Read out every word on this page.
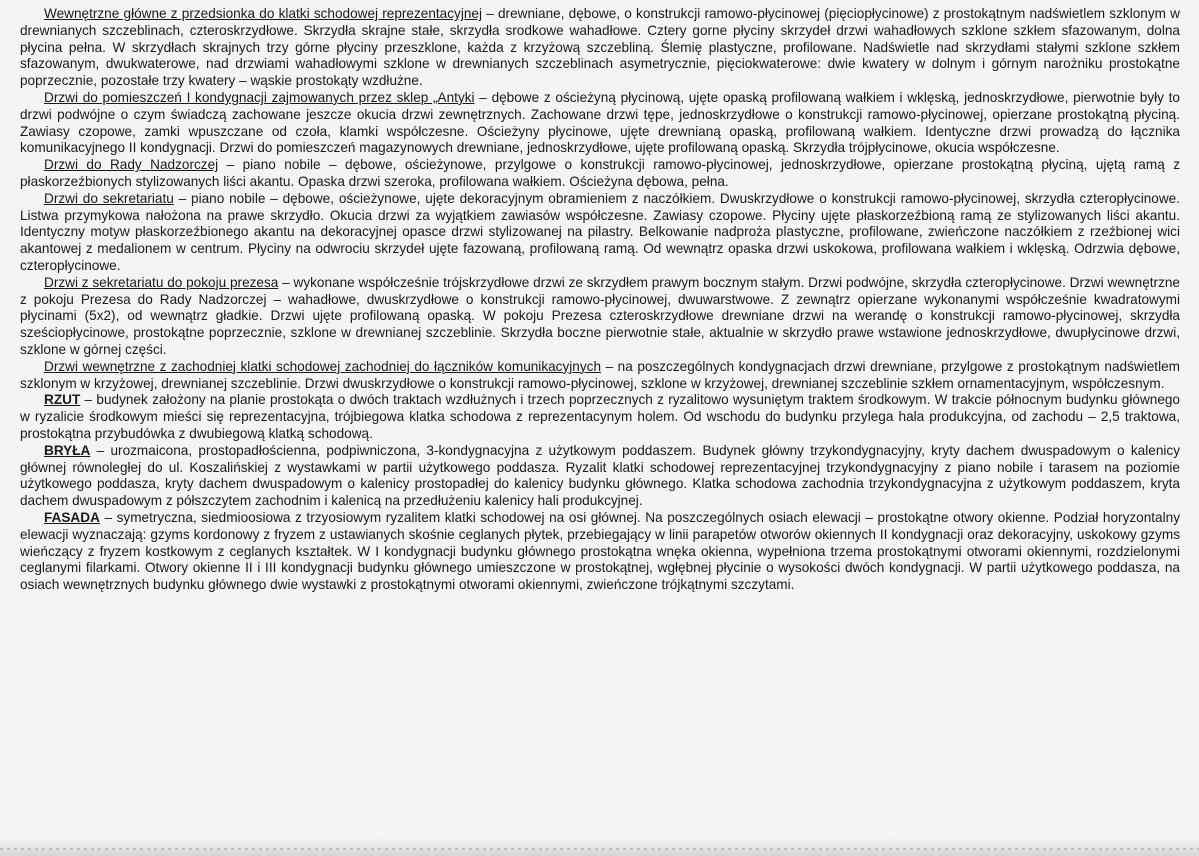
Wewnętrzne główne z przedsionka do klatki schodowej reprezentacyjnej – drewniane, dębowe, o konstrukcji ramowo-płycinowej (pięciopłycinowe) z prostokątnym nadświetlem szklonym w drewnianych szczeblinach, czteroskrzydłowe. Skrzydła skrajne stałe, skrzydła srodkowe wahadłowe. Cztery gorne płyciny skrzydeł drzwi wahadłowych szklone szkłem sfazowanym, dolna płycina pełna. W skrzydłach skrajnych trzy górne płyciny przeszklone, każda z krzyżową szczebliną. Ślemię plastyczne, profilowane. Nadświetle nad skrzydłami stałymi szklone szkłem sfazowanym, dwukwaterowe, nad drzwiami wahadłowymi szklone w drewnianych szczeblinach asymetrycznie, pięciokwaterowe: dwie kwatery w dolnym i górnym narożniku prostokątne poprzecznie, pozostałe trzy kwatery – wąskie prostokąty wzdłużne.

Drzwi do pomieszczeń I kondygnacji zajmowanych przez sklep „Antyki – dębowe z ościeżyną płycinową, ujęte opaską profilowaną wałkiem i wklęską, jednoskrzydłowe, pierwotnie były to drzwi podwójne o czym świadczą zachowane jeszcze okucia drzwi zewnętrznych. Zachowane drzwi tępe, jednoskrzydłowe o konstrukcji ramowo-płycinowej, opierzane prostokątną płyciną. Zawiasy czopowe, zamki wpuszczane od czoła, klamki współczesne. Ościeżyny płycinowe, ujęte drewnianą opaską, profilowaną wałkiem. Identyczne drzwi prowadzą do łącznika komunikacyjnego II kondygnacji. Drzwi do pomieszczeń magazynowych drewniane, jednoskrzydłowe, ujęte profilowaną opaską. Skrzydła trójpłycinowe, okucia współczesne.

Drzwi do Rady Nadzorczej – piano nobile – dębowe, ościeżynowe, przylgowe o konstrukcji ramowo-płycinowej, jednoskrzydłowe, opierzane prostokątną płyciną, ujętą ramą z płaskorzeźbionych stylizowanych liści akantu. Opaska drzwi szeroka, profilowana wałkiem. Ościeżyna dębowa, pełna.

Drzwi do sekretariatu – piano nobile – dębowe, ościeżynowe, ujęte dekoracyjnym obramieniem z naczółkiem. Dwuskrzydłowe o konstrukcji ramowo-płycinowej, skrzydła czteropłycinowe. Listwa przymykowa nałożona na prawe skrzydło. Okucia drzwi za wyjątkiem zawiasów współczesne. Zawiasy czopowe. Płyciny ujęte płaskorzeźbioną ramą ze stylizowanych liści akantu. Identyczny motyw płaskorzeźbionego akantu na dekoracyjnej opasce drzwi stylizowanej na pilastry. Belkowanie nadproża plastyczne, profilowane, zwieńczone naczółkiem z rzeźbionej wici akantowej z medalionem w centrum. Płyciny na odwrociu skrzydeł ujęte fazowaną, profilowaną ramą. Od wewnątrz opaska drzwi uskokowa, profilowana wałkiem i wklęską. Odrzwia dębowe, czteropłycinowe.

Drzwi z sekretariatu do pokoju prezesa – wykonane współcześnie trójskrzydłowe drzwi ze skrzydłem prawym bocznym stałym. Drzwi podwójne, skrzydła czteropłycinowe. Drzwi wewnętrzne z pokoju Prezesa do Rady Nadzorczej – wahadłowe, dwuskrzydłowe o konstrukcji ramowo-płycinowej, dwuwarstwowe. Z zewnątrz opierzane wykonanymi współcześnie kwadratowymi płycinami (5x2), od wewnątrz gładkie. Drzwi ujęte profilowaną opaską. W pokoju Prezesa czteroskrzydłowe drewniane drzwi na werandę o konstrukcji ramowo-płycinowej, skrzydła sześciopłycinowe, prostokątne poprzecznie, szklone w drewnianej szczeblinie. Skrzydła boczne pierwotnie stałe, aktualnie w skrzydło prawe wstawione jednoskrzydłowe, dwupłycinowe drzwi, szklone w górnej części.

Drzwi wewnętrzne z zachodniej klatki schodowej zachodniej do łączników komunikacyjnych – na poszczególnych kondygnacjach drzwi drewniane, przylgowe z prostokątnym nadświetlem szklonym w krzyżowej, drewnianej szczeblinie. Drzwi dwuskrzydłowe o konstrukcji ramowo-płycinowej, szklone w krzyżowej, drewnianej szczeblinie szkłem ornamentacyjnym, współczesnym.

RZUT – budynek założony na planie prostokąta o dwóch traktach wzdłużnych i trzech poprzecznych z ryzalitowo wysuniętym traktem środkowym. W trakcie północnym budynku głównego w ryzalicie środkowym mieści się reprezentacyjna, trójbiegowa klatka schodowa z reprezentacynym holem. Od wschodu do budynku przylega hala produkcyjna, od zachodu – 2,5 traktowa, prostokątna przybudówka z dwubiegową klatką schodową.

BRYŁA – urozmaicona, prostopadłościenna, podpiwniczona, 3-kondygnacyjna z użytkowym poddaszem. Budynek główny trzykondygnacyjny, kryty dachem dwuspadowym o kalenicy głównej równoległej do ul. Koszalińskiej z wystawkami w partii użytkowego poddasza. Ryzalit klatki schodowej reprezentacyjnej trzykondygnacyjny z piano nobile i tarasem na poziomie użytkowego poddasza, kryty dachem dwuspadowym o kalenicy prostopadłej do kalenicy budynku głównego. Klatka schodowa zachodnia trzykondygnacyjna z użytkowym poddaszem, kryta dachem dwuspadowym z półszczytem zachodnim i kalenicą na przedłużeniu kalenicy hali produkcyjnej.

FASADA – symetryczna, siedmioosiowa z trzyosiowym ryzalitem klatki schodowej na osi głównej. Na poszczególnych osiach elewacji – prostokątne otwory okienne. Podział horyzontalny elewacji wyznaczają: gzyms kordonowy z fryzem z ustawianych skośnie ceglanych płytek, przebiegający w linii parapetów otworów okiennych II kondygnacji oraz dekoracyjny, uskokowy gzyms wieńczący z fryzem kostkowym z ceglanych kształtek. W I kondygnacji budynku głównego prostokątna wnęka okienna, wypełniona trzema prostokątnymi otworami okiennymi, rozdzielonymi ceglanymi filarkami. Otwory okienne II i III kondygnacji budynku głównego umieszczone w prostokątnej, wgłębnej płycinie o wysokości dwóch kondygnacji. W partii użytkowego poddasza, na osiach wewnętrznych budynku głównego dwie wystawki z prostokątnymi otworami okiennymi, zwieńczone trójkątnymi szczytami.
